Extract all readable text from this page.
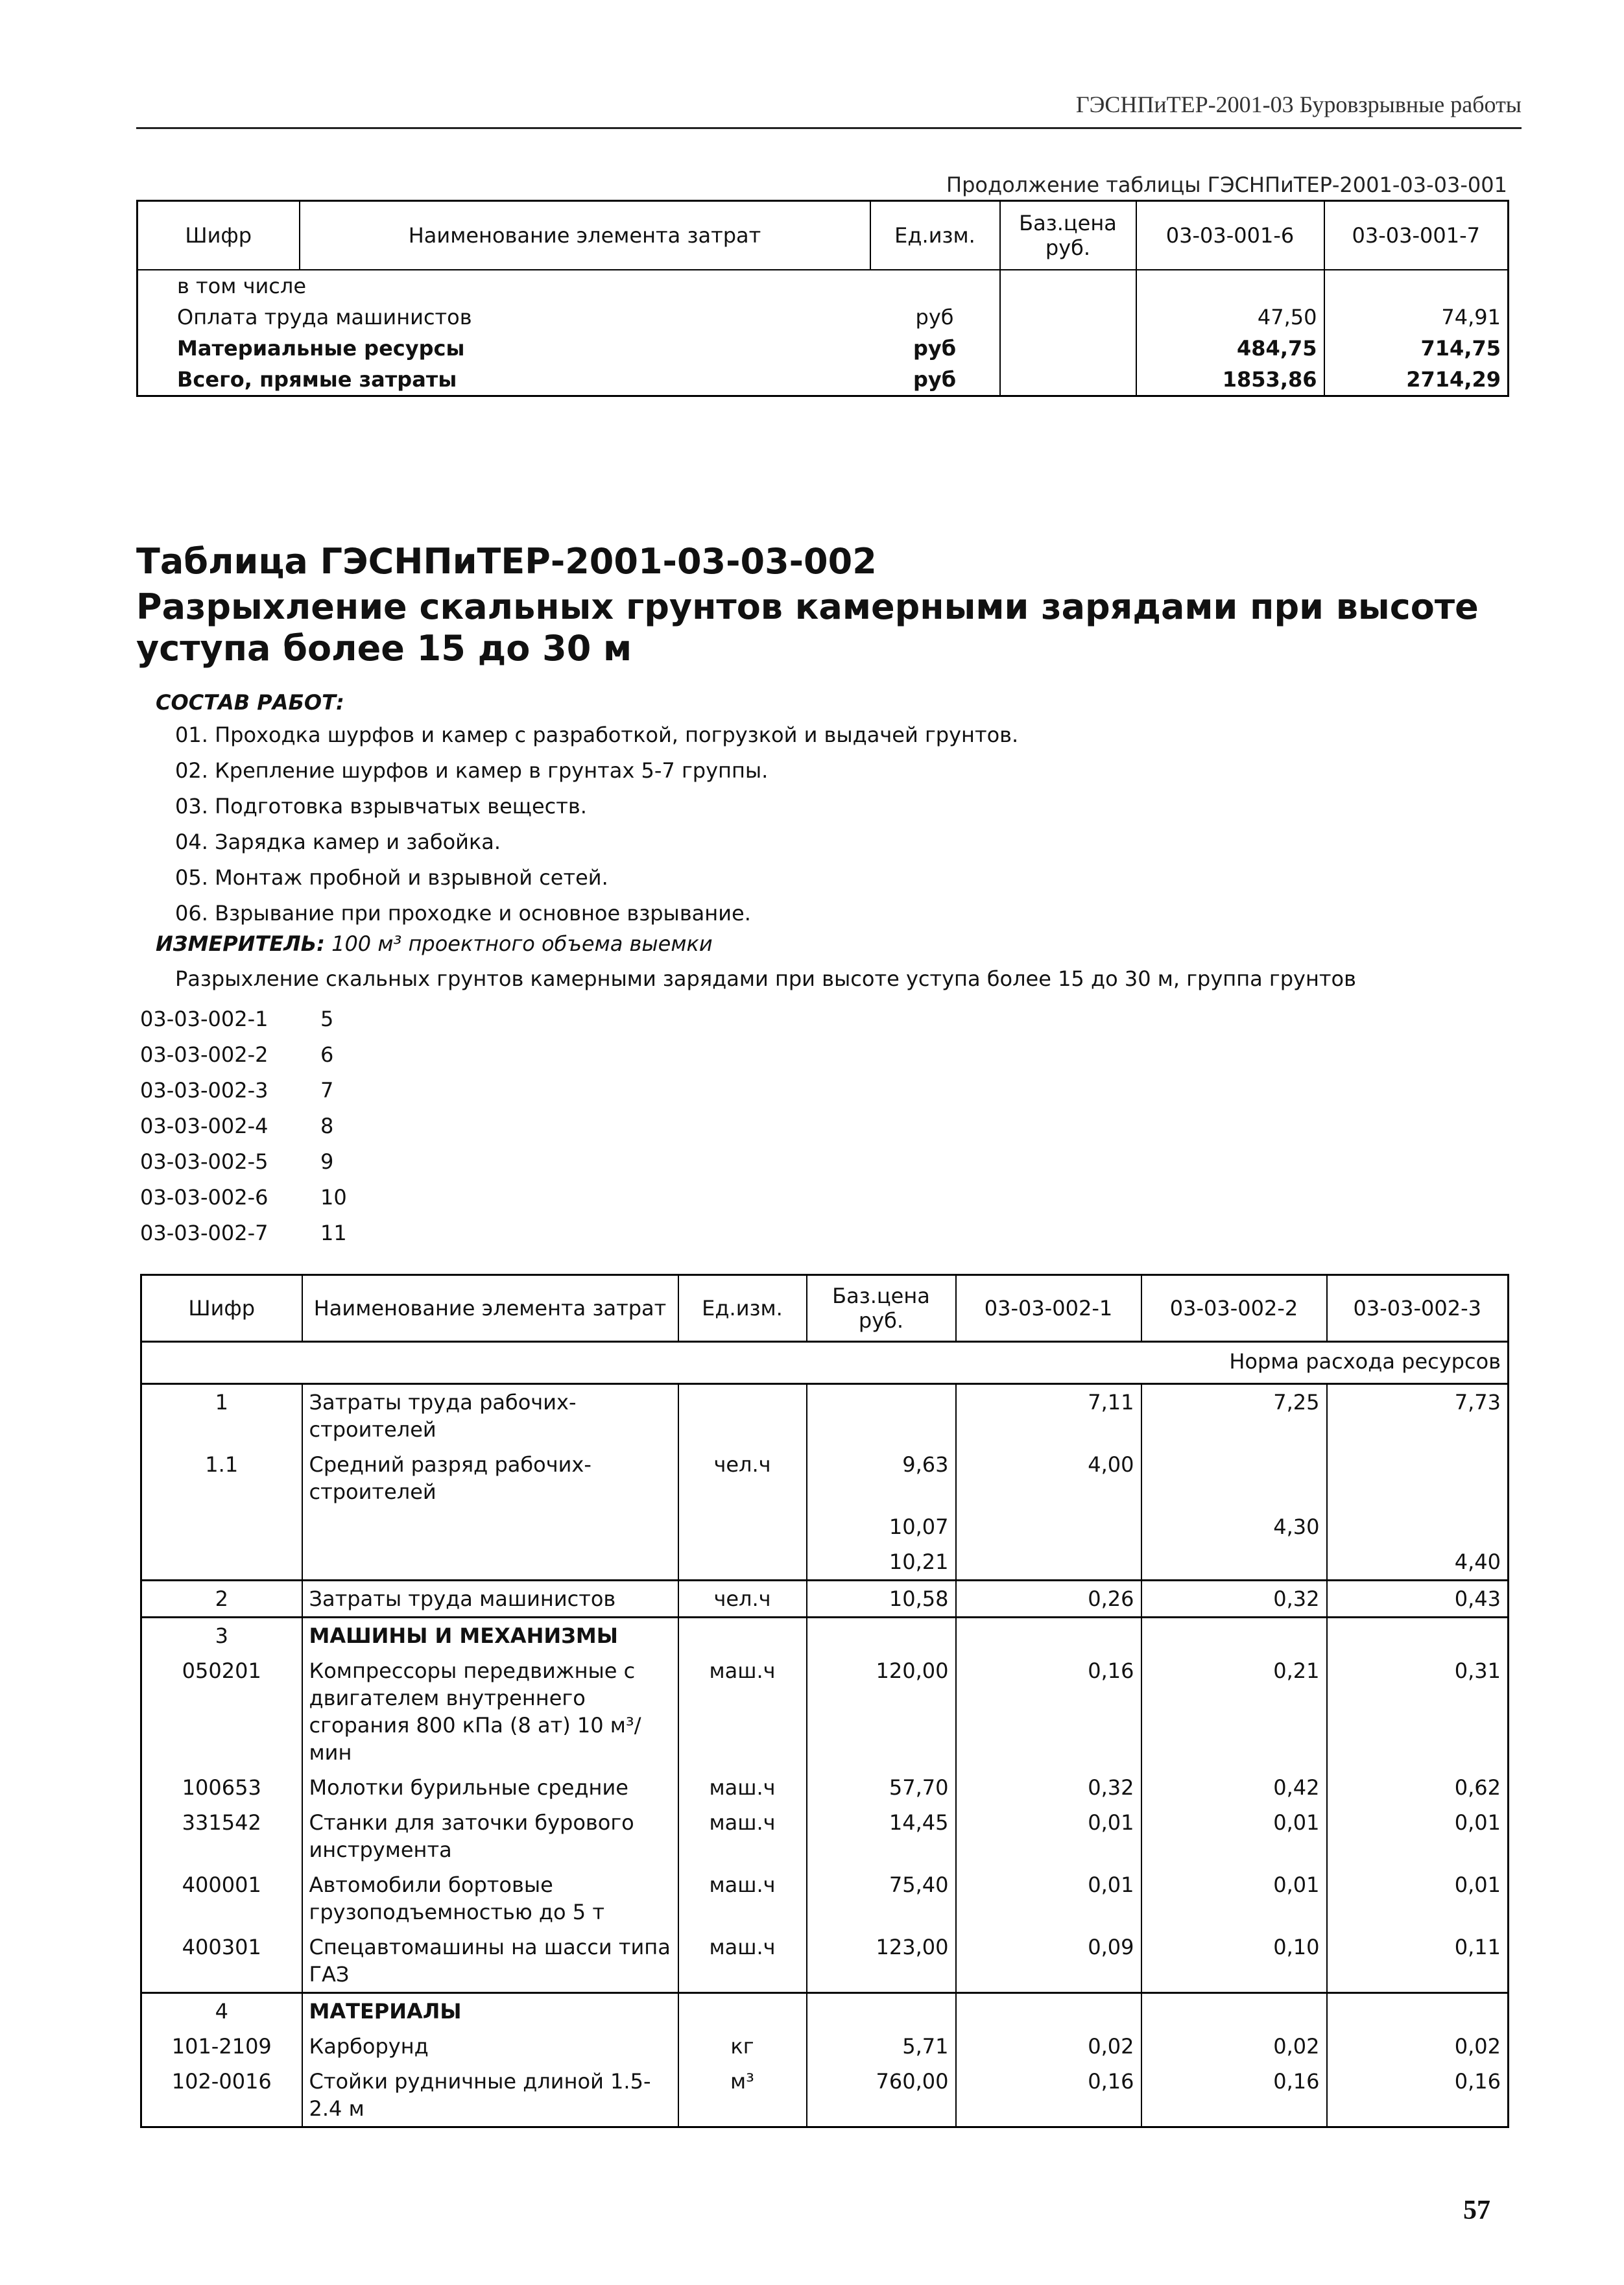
ГЭСНПиТЕР-2001-03 Буровзрывные работы
Продолжение таблицы ГЭСНПиТЕР-2001-03-03-001
Шифр	Наименование элемента затрат	Ед.изм.	Баз.цена руб.	03-03-001-6	03-03-001-7
в том числе					
Оплата труда машинистов		руб		47,50	74,91
Материальные ресурсы		руб		484,75	714,75
Всего, прямые затраты		руб		1853,86	2714,29
Таблица ГЭСНПиТЕР-2001-03-03-002
Разрыхление скальных грунтов камерными зарядами при высоте уступа более 15 до 30 м
СОСТАВ РАБОТ:
01. Проходка шурфов и камер с разработкой, погрузкой и выдачей грунтов.
02. Крепление шурфов и камер в грунтах 5-7 группы.
03. Подготовка взрывчатых веществ.
04. Зарядка камер и забойка.
05. Монтаж пробной и взрывной сетей.
06. Взрывание при проходке и основное взрывание.
ИЗМЕРИТЕЛЬ: 100 м³ проектного объема выемки
Разрыхление скальных грунтов камерными зарядами при высоте уступа более 15 до 30 м, группа грунтов
03-03-002-1	5
03-03-002-2	6
03-03-002-3	7
03-03-002-4	8
03-03-002-5	9
03-03-002-6	10
03-03-002-7	11
Шифр	Наименование элемента затрат	Ед.изм.	Баз.цена руб.	03-03-002-1	03-03-002-2	03-03-002-3
Норма расхода ресурсов						
1	Затраты труда рабочих-строителей			7,11	7,25	7,73
1.1	Средний разряд рабочих-строителей	чел.ч	9,63	4,00		
			10,07		4,30	
			10,21			4,40
2	Затраты труда машинистов	чел.ч	10,58	0,26	0,32	0,43
3	МАШИНЫ И МЕХАНИЗМЫ					
050201	Компрессоры передвижные с двигателем внутреннего сгорания 800 кПа (8 ат) 10 м³/мин	маш.ч	120,00	0,16	0,21	0,31
100653	Молотки бурильные средние	маш.ч	57,70	0,32	0,42	0,62
331542	Станки для заточки бурового инструмента	маш.ч	14,45	0,01	0,01	0,01
400001	Автомобили бортовые грузоподъемностью до 5 т	маш.ч	75,40	0,01	0,01	0,01
400301	Спецавтомашины на шасси типа ГАЗ	маш.ч	123,00	0,09	0,10	0,11
4	МАТЕРИАЛЫ					
101-2109	Карборунд	кг	5,71	0,02	0,02	0,02
102-0016	Стойки рудничные длиной 1.5-2.4 м	м³	760,00	0,16	0,16	0,16
57
